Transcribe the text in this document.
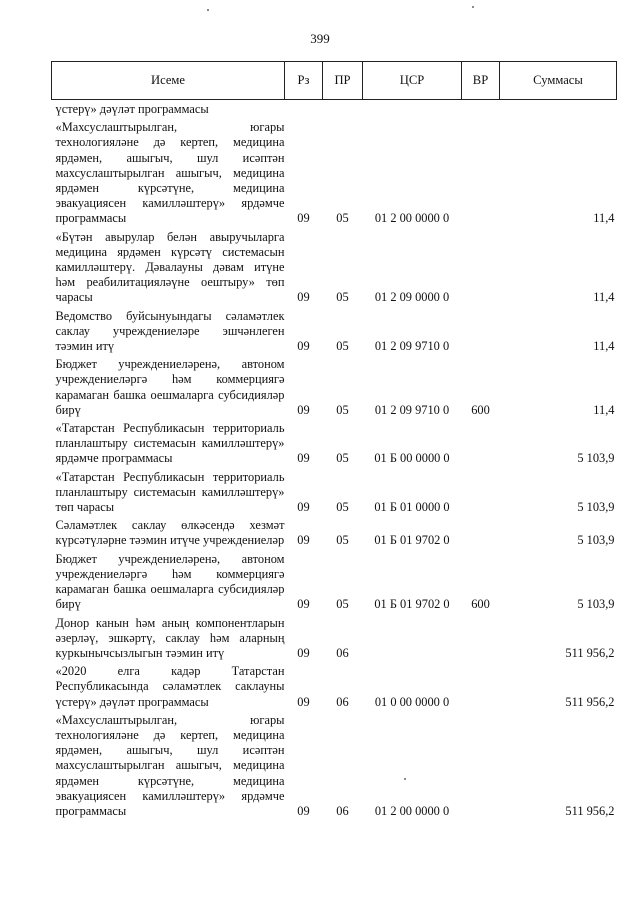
399
Исеме	Рз	ПР	ЦСР	ВР	Суммасы
үстерү» дәүләт программасы					
«Махсуслаштырылган, югары технологияләне дә кертеп, медицина ярдәмен, ашыгыч, шул исәптән махсуслаштырылган ашыгыч, медицина ярдәмен күрсәтүне, медицина эвакуациясен камилләштерү» ярдәмче программасы	09	05	01 2 00 0000 0		11,4
«Бүтән авырулар белән авыручыларга медицина ярдәмен күрсәтү системасын камилләштерү. Дәвалауны дәвам итүне һәм реабилитацияләүне оештыру» төп чарасы	09	05	01 2 09 0000 0		11,4
Ведомство буйсынуындагы сәламәтлек саклау учреждениеләре эшчәнлеген тәэмин итү	09	05	01 2 09 9710 0		11,4
Бюджет учреждениеләренә, автоном учреждениеләргә һәм коммерциягә карамаган башка оешмаларга субсидияләр бирү	09	05	01 2 09 9710 0	600	11,4
«Татарстан Республикасын территориаль планлаштыру системасын камилләштерү» ярдәмче программасы	09	05	01 Б 00 0000 0		5 103,9
«Татарстан Республикасын территориаль планлаштыру системасын камилләштерү» төп чарасы	09	05	01 Б 01 0000 0		5 103,9
Сәламәтлек саклау өлкәсендә хезмәт күрсәтүләрне тәэмин итүче учреждениеләр	09	05	01 Б 01 9702 0		5 103,9
Бюджет учреждениеләренә, автоном учреждениеләргә һәм коммерциягә карамаган башка оешмаларга субсидияләр бирү	09	05	01 Б 01 9702 0	600	5 103,9
Донор канын һәм аның компонентларын әзерләү, эшкәртү, саклау һәм аларның куркынычсызлыгын тәэмин итү	09	06			511 956,2
«2020 елга кадәр Татарстан Республикасында сәламәтлек саклауны үстерү» дәүләт программасы	09	06	01 0 00 0000 0		511 956,2
«Махсуслаштырылган, югары технологияләне дә кертеп, медицина ярдәмен, ашыгыч, шул исәптән махсуслаштырылган ашыгыч, медицина ярдәмен күрсәтүне, медицина эвакуациясен камилләштерү» ярдәмче программасы	09	06	01 2 00 0000 0		511 956,2
